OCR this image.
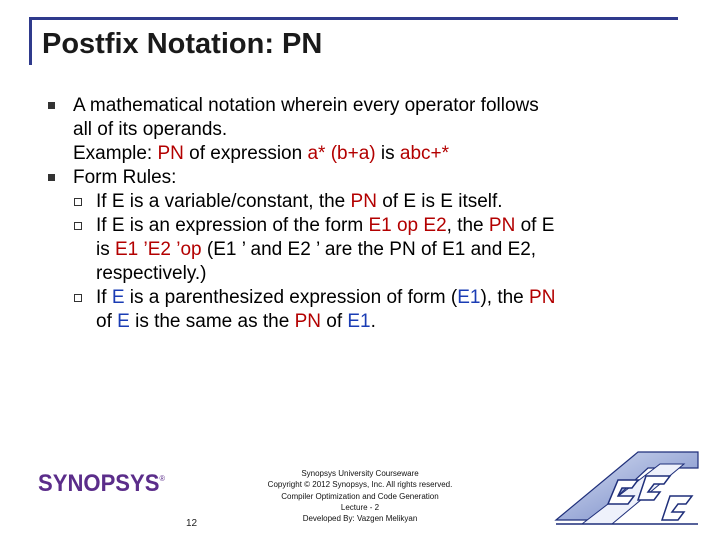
Postfix Notation: PN
A mathematical notation wherein every operator follows
all of its operands.
Example: PN of expression a* (b+a) is abc+*
Form Rules:
If E is a variable/constant, the PN of E is E itself.
If E is an expression of the form E1 op E2, the PN of E
is E1 ’E2 ’op (E1 ’ and E2 ’ are the PN of E1 and E2,
respectively.)
If E is a parenthesized expression of form (E1), the PN
of E is the same as the PN of E1.
SYNOPSYS®
Synopsys University Courseware
Copyright © 2012 Synopsys, Inc. All rights reserved.
Compiler Optimization and Code Generation
Lecture - 2
Developed By: Vazgen Melikyan
12
